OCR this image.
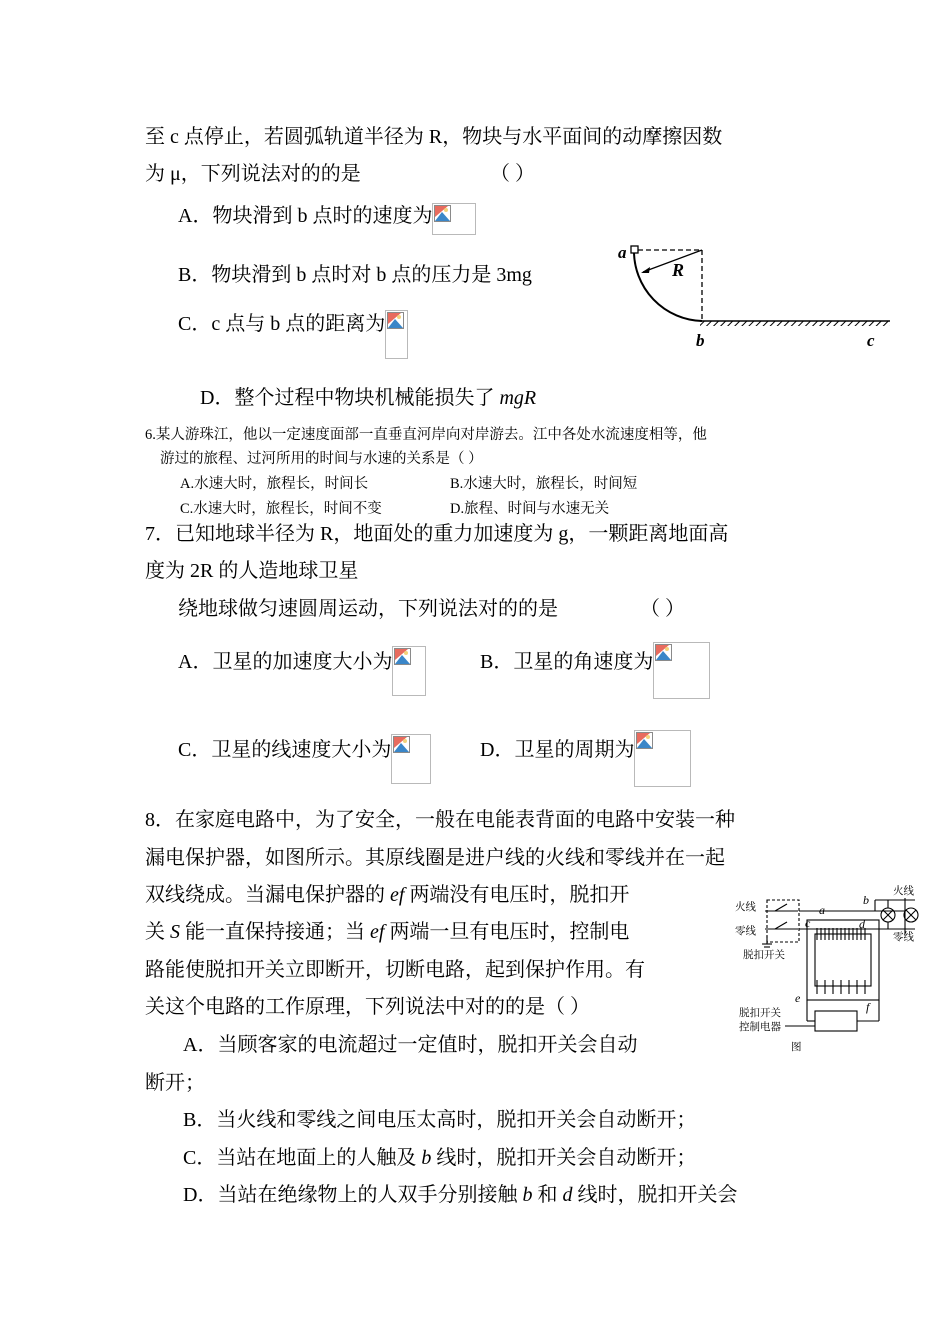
至 c 点停止，若圆弧轨道半径为 R，物块与水平面间的动摩擦因数
为 μ，下列说法对的的是	（ ）
A．物块滑到 b 点时的速度为
B．物块滑到 b 点时对 b 点的压力是 3mg
C．c 点与 b 点的距离为
D．整个过程中物块机械能损失了 mgR
a
R
b	c
6.某人游珠江，他以一定速度面部一直垂直河岸向对岸游去。江中各处水流速度相等，他
游过的旅程、过河所用的时间与水速的关系是（ ）
A.水速大时，旅程长，时间长	B.水速大时，旅程长，时间短
C.水速大时，旅程长，时间不变	D.旅程、时间与水速无关
7．已知地球半径为 R，地面处的重力加速度为 g，一颗距离地面高
度为 2R 的人造地球卫星
绕地球做匀速圆周运动，下列说法对的的是	（ ）
A．卫星的加速度大小为	B．卫星的角速度为
C．卫星的线速度大小为	D．卫星的周期为
8．在家庭电路中，为了安全，一般在电能表背面的电路中安装一种
漏电保护器，如图所示。其原线圈是进户线的火线和零线并在一起
双线绕成。当漏电保护器的 ef 两端没有电压时，脱扣开
关 S 能一直保持接通；当 ef 两端一旦有电压时，控制电
路能使脱扣开关立即断开，切断电路，起到保护作用。有
关这个电路的工作原理，下列说法中对的的是（ ）
A．当顾客家的电流超过一定值时，脱扣开关会自动
断开；
B．当火线和零线之间电压太高时，脱扣开关会自动断开；
C．当站在地面上的人触及 b 线时，脱扣开关会自动断开；
D．当站在绝缘物上的人双手分别接触 b 和 d 线时，脱扣开关会
火线
零线
火线
零线
脱扣开关
脱扣开关
控制电器
图
a
b
c	d
e
f
